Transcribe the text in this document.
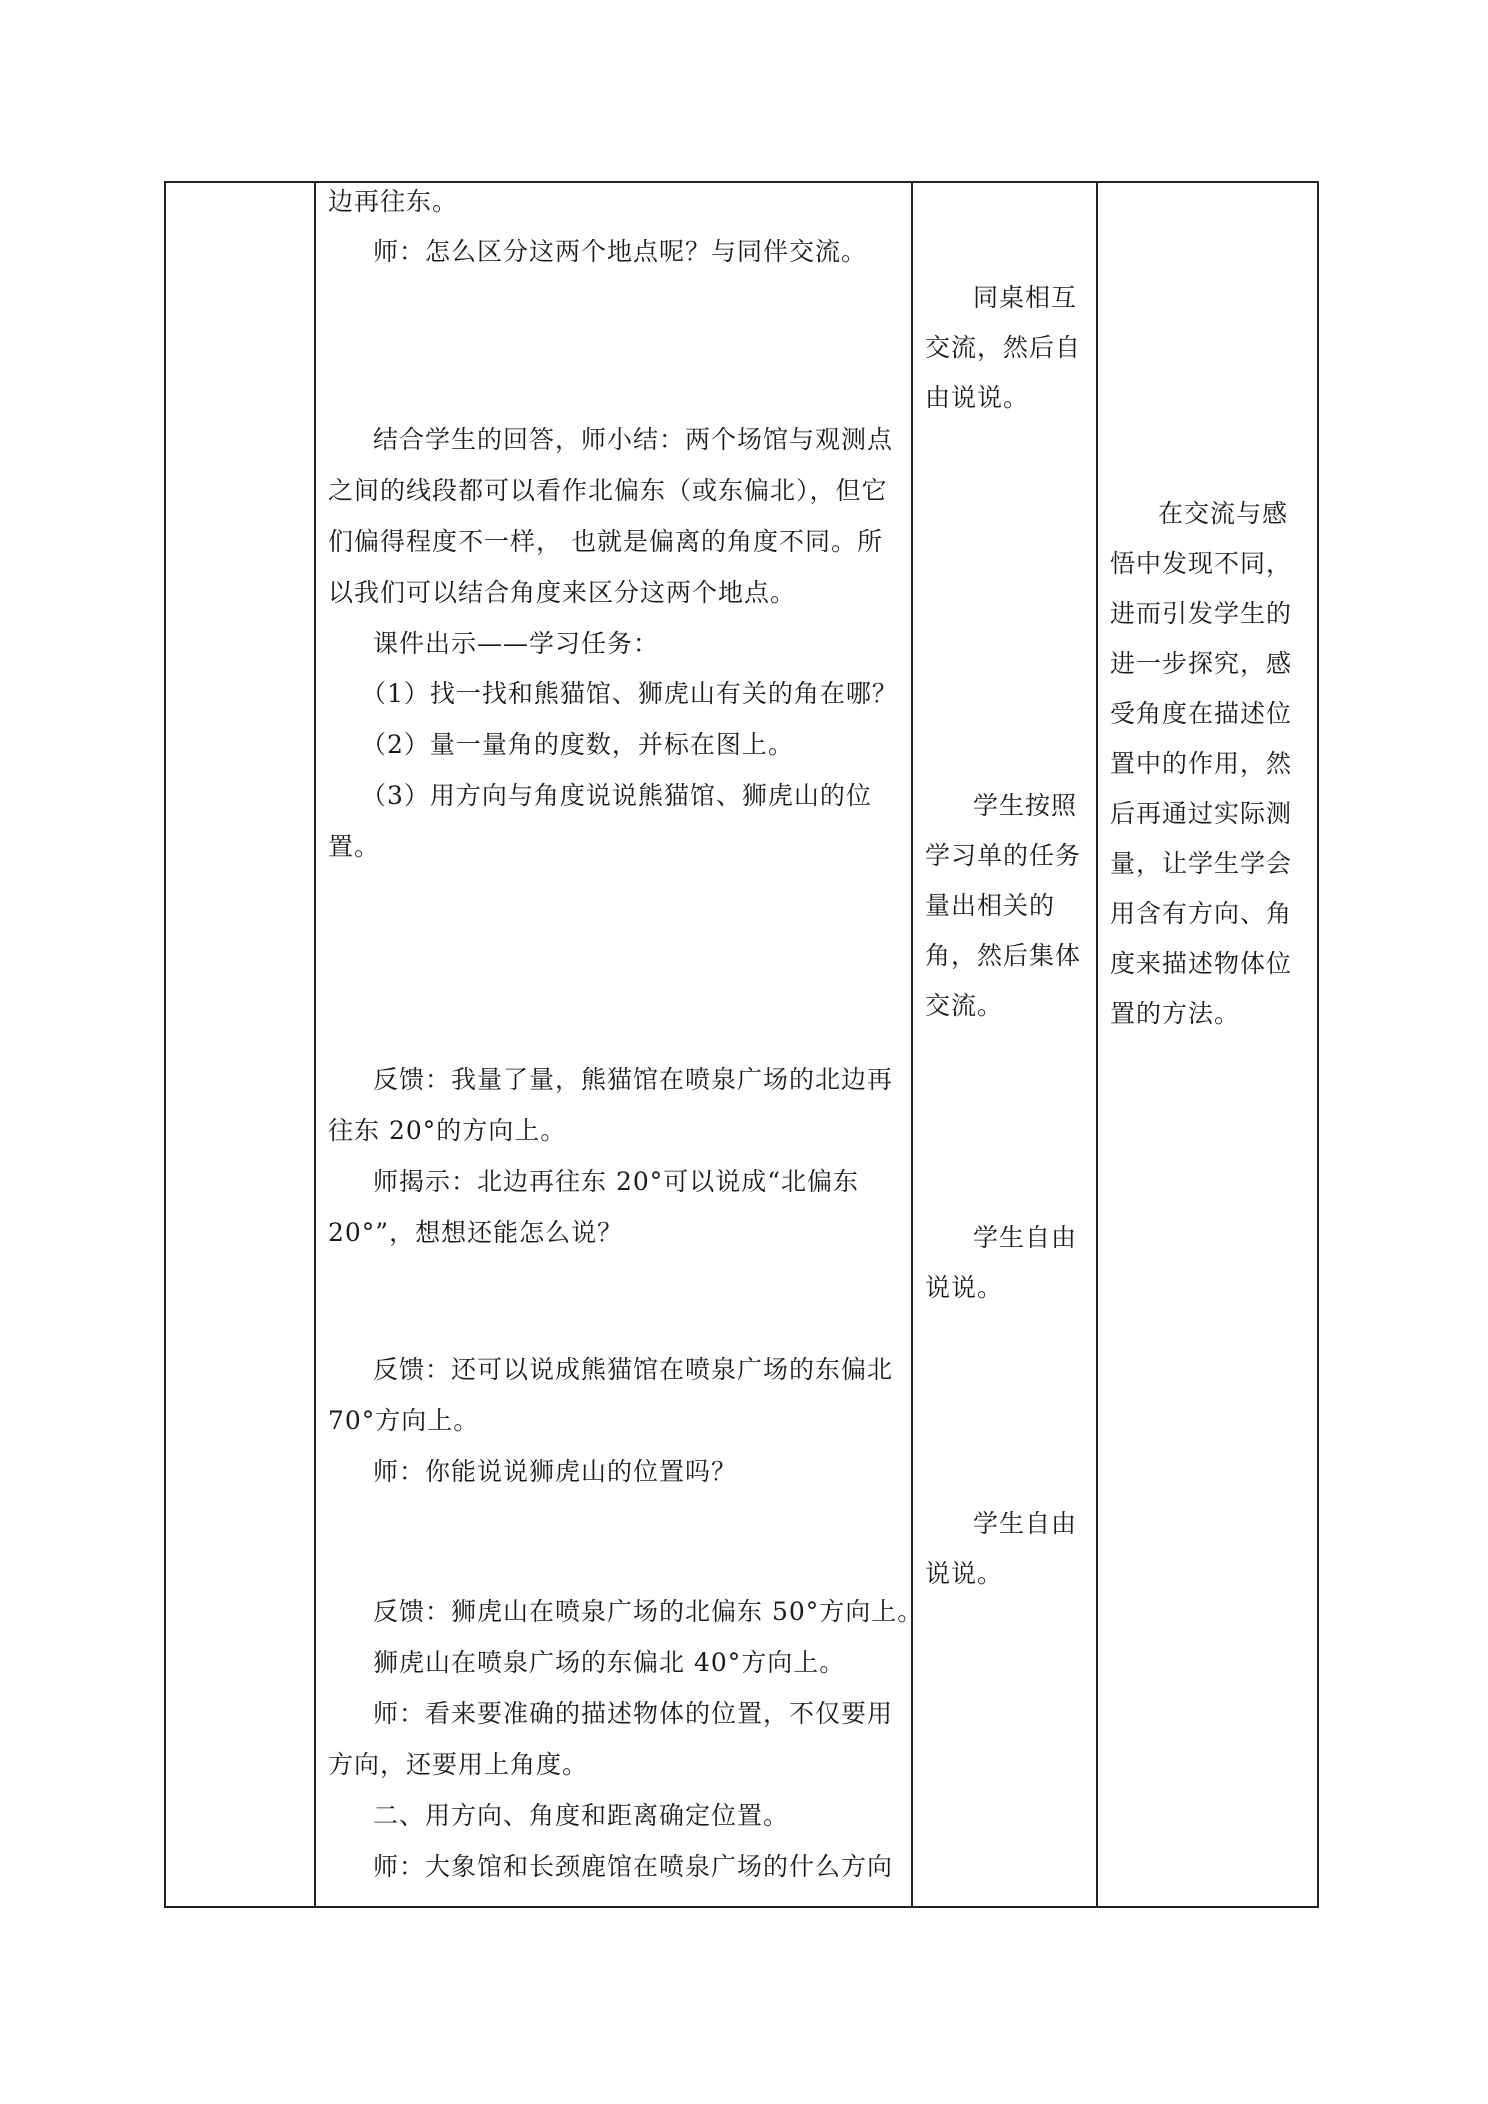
边再往东。
师：怎么区分这两个地点呢？与同伴交流。
结合学生的回答，师小结：两个场馆与观测点
之间的线段都可以看作北偏东（或东偏北），但它
们偏得程度不一样， 也就是偏离的角度不同。所
以我们可以结合角度来区分这两个地点。
课件出示——学习任务：
（1）找一找和熊猫馆、狮虎山有关的角在哪？
（2）量一量角的度数，并标在图上。
（3）用方向与角度说说熊猫馆、狮虎山的位
置。
反馈：我量了量，熊猫馆在喷泉广场的北边再
往东 20°的方向上。
师揭示：北边再往东 20°可以说成“北偏东
20°”，想想还能怎么说？
反馈：还可以说成熊猫馆在喷泉广场的东偏北
70°方向上。
师：你能说说狮虎山的位置吗？
反馈：狮虎山在喷泉广场的北偏东 50°方向上。
狮虎山在喷泉广场的东偏北 40°方向上。
师：看来要准确的描述物体的位置，不仅要用
方向，还要用上角度。
二、用方向、角度和距离确定位置。
师：大象馆和长颈鹿馆在喷泉广场的什么方向
同桌相互
交流，然后自
由说说。
学生按照
学习单的任务
量出相关的
角，然后集体
交流。
学生自由
说说。
学生自由
说说。
在交流与感
悟中发现不同，
进而引发学生的
进一步探究，感
受角度在描述位
置中的作用，然
后再通过实际测
量，让学生学会
用含有方向、角
度来描述物体位
置的方法。
